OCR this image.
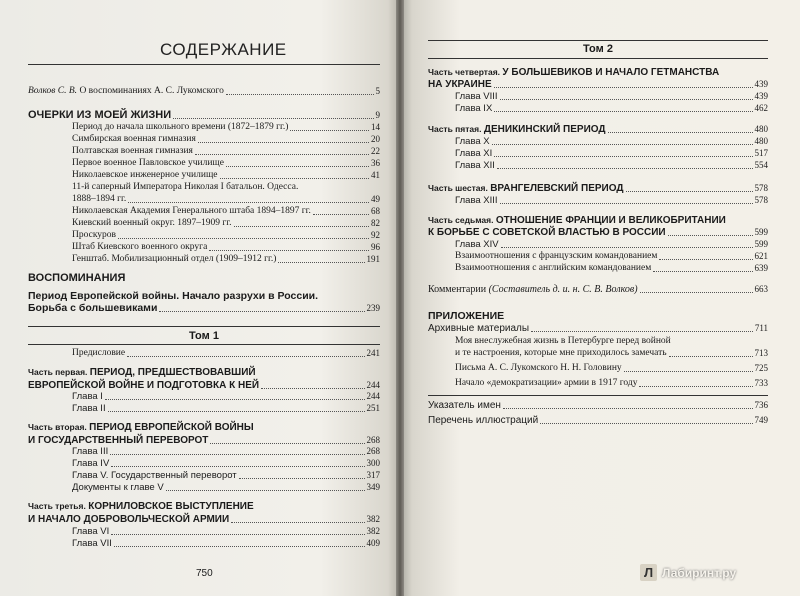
СОДЕРЖАНИЕ
Волков С. В. О воспоминаниях А. С. Лукомского	5
ОЧЕРКИ ИЗ МОЕЙ ЖИЗНИ	9
Период до начала школьного времени (1872–1879 гг.)	14
Симбирская военная гимназия	20
Полтавская военная гимназия	22
Первое военное Павловское училище	36
Николаевское инженерное училище	41
11-й саперный Императора Николая I батальон. Одесса.
1888–1894 гг.	49
Николаевская Академия Генерального штаба 1894–1897 гг.	68
Киевский военный округ. 1897–1909 гг.	82
Проскуров	92
Штаб Киевского военного округа	96
Генштаб. Мобилизационный отдел (1909–1912 гг.)	191
ВОСПОМИНАНИЯ
Период Европейской войны. Начало разрухи в России.
Борьба с большевиками	239
Том 1
Предисловие	241
Часть первая. ПЕРИОД, ПРЕДШЕСТВОВАВШИЙ
ЕВРОПЕЙСКОЙ ВОЙНЕ И ПОДГОТОВКА К НЕЙ	244
Глава I	244
Глава II	251
Часть вторая. ПЕРИОД ЕВРОПЕЙСКОЙ ВОЙНЫ
И ГОСУДАРСТВЕННЫЙ ПЕРЕВОРОТ	268
Глава III	268
Глава IV	300
Глава V. Государственный переворот	317
Документы к главе V	349
Часть третья. КОРНИЛОВСКОЕ ВЫСТУПЛЕНИЕ
И НАЧАЛО ДОБРОВОЛЬЧЕСКОЙ АРМИИ	382
Глава VI	382
Глава VII	409
750
Том 2
Часть четвертая. У БОЛЬШЕВИКОВ И НАЧАЛО ГЕТМАНСТВА
НА УКРАИНЕ	439
Глава VIII	439
Глава IX	462
Часть пятая. ДЕНИКИНСКИЙ ПЕРИОД	480
Глава X	480
Глава XI	517
Глава XII	554
Часть шестая. ВРАНГЕЛЕВСКИЙ ПЕРИОД	578
Глава XIII	578
Часть седьмая. ОТНОШЕНИЕ ФРАНЦИИ И ВЕЛИКОБРИТАНИИ
К БОРЬБЕ С СОВЕТСКОЙ ВЛАСТЬЮ В РОССИИ	599
Глава XIV	599
Взаимоотношения с французским командованием	621
Взаимоотношения с английским командованием	639
Комментарии (Составитель д. и. н. С. В. Волков)	663
ПРИЛОЖЕНИЕ
Архивные материалы	711
Моя внеслужебная жизнь в Петербурге перед войной
и те настроения, которые мне приходилось замечать	713
Письма А. С. Лукомского Н. Н. Головину	725
Начало «демократизации» армии в 1917 году	733
Указатель имен	736
Перечень иллюстраций	749
Л Лабиринт.ру
